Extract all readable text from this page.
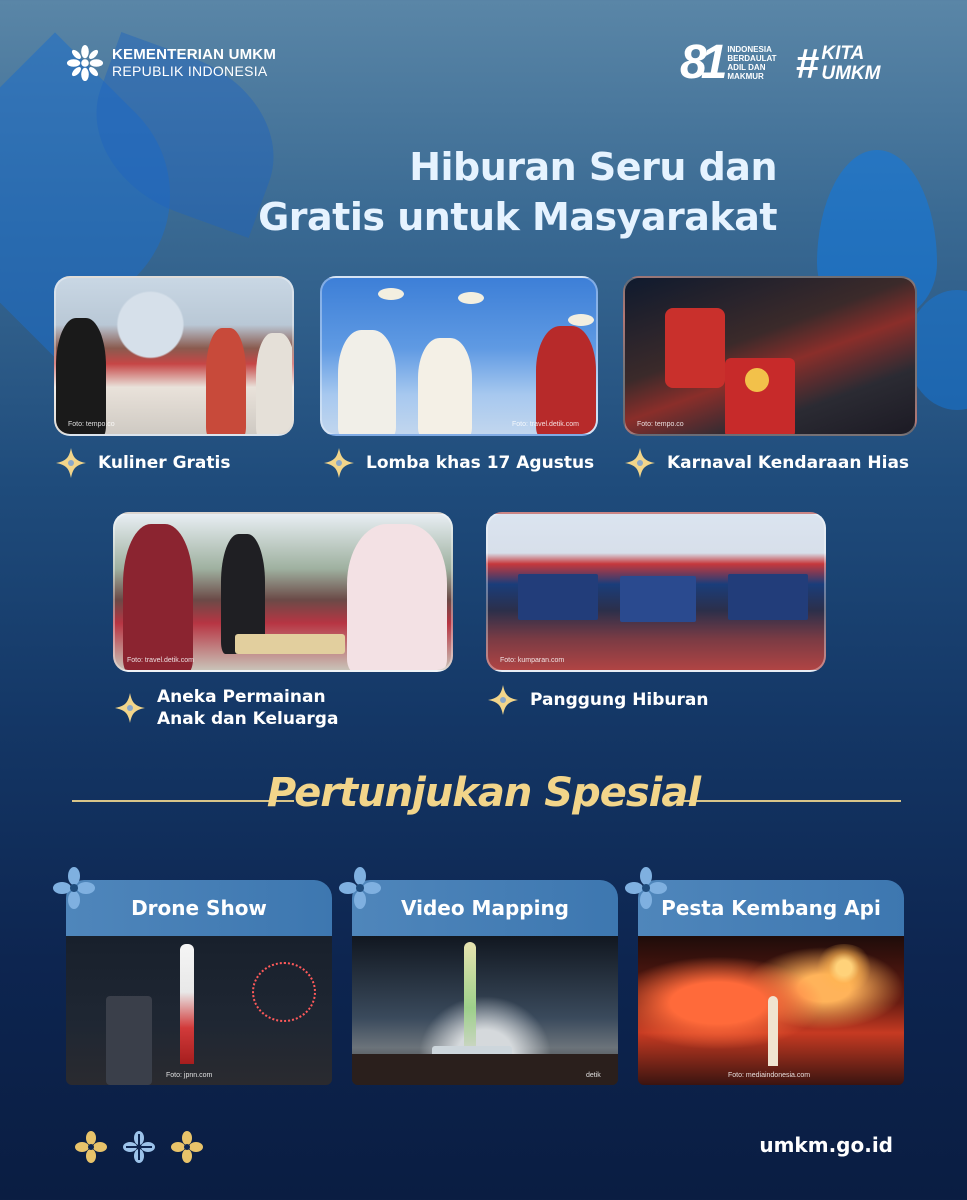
KEMENTERIAN UMKM
REPUBLIK INDONESIA	81 INDONESIA BERDAULAT ADIL DAN MAKMUR # KITA
UMKM
Hiburan Seru dan
Gratis untuk Masyarakat
Foto: tempo.co	Foto: travel.detik.com	Foto: tempo.co
Foto: travel.detik.com	Foto: kumparan.com
Kuliner Gratis	Lomba khas 17 Agustus	Karnaval Kendaraan Hias
Aneka Permainan
Anak dan Keluarga
Panggung Hiburan
Pertunjukan Spesial
Drone Show
Foto: jpnn.com
Video Mapping
detik
Pesta Kembang Api
Foto: mediaindonesia.com
umkm.go.id
